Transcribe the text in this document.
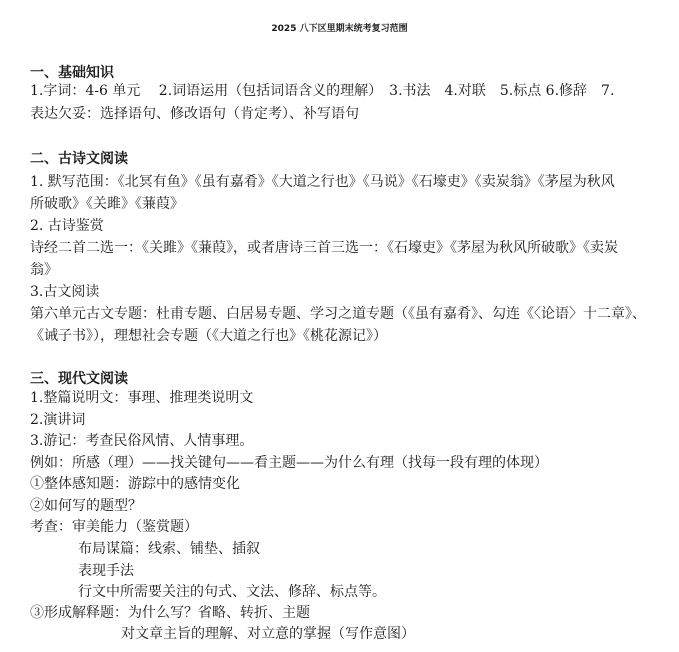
2025 八下区里期末统考复习范围
一、基础知识
1.字词：4-6 单元　 2.词语运用（包括词语含义的理解）　3.书法　4.对联　5.标点 6.修辞　7.
表达欠妥：选择语句、修改语句（肯定考）、补写语句
二、古诗文阅读
1. 默写范围：《北冥有鱼》《虽有嘉肴》《大道之行也》《马说》《石壕吏》《卖炭翁》《茅屋为秋风
所破歌》《关雎》《蒹葭》
2. 古诗鉴赏
诗经二首二选一：《关雎》《蒹葭》，或者唐诗三首三选一：《石壕吏》《茅屋为秋风所破歌》《卖炭
翁》
3.古文阅读
第六单元古文专题：杜甫专题、白居易专题、学习之道专题（《虽有嘉肴》、勾连《〈论语〉十二章》、
《诫子书》），理想社会专题（《大道之行也》《桃花源记》）
三、现代文阅读
1.整篇说明文：事理、推理类说明文
2.演讲词
3.游记：考查民俗风情、人情事理。
例如：所感（理）——找关键句——看主题——为什么有理（找每一段有理的体现）
①整体感知题：游踪中的感情变化
②如何写的题型？
考查：审美能力（鉴赏题）
布局谋篇：线索、铺垫、插叙
表现手法
行文中所需要关注的句式、文法、修辞、标点等。
③形成解释题：为什么写？省略、转折、主题
对文章主旨的理解、对立意的掌握（写作意图）
